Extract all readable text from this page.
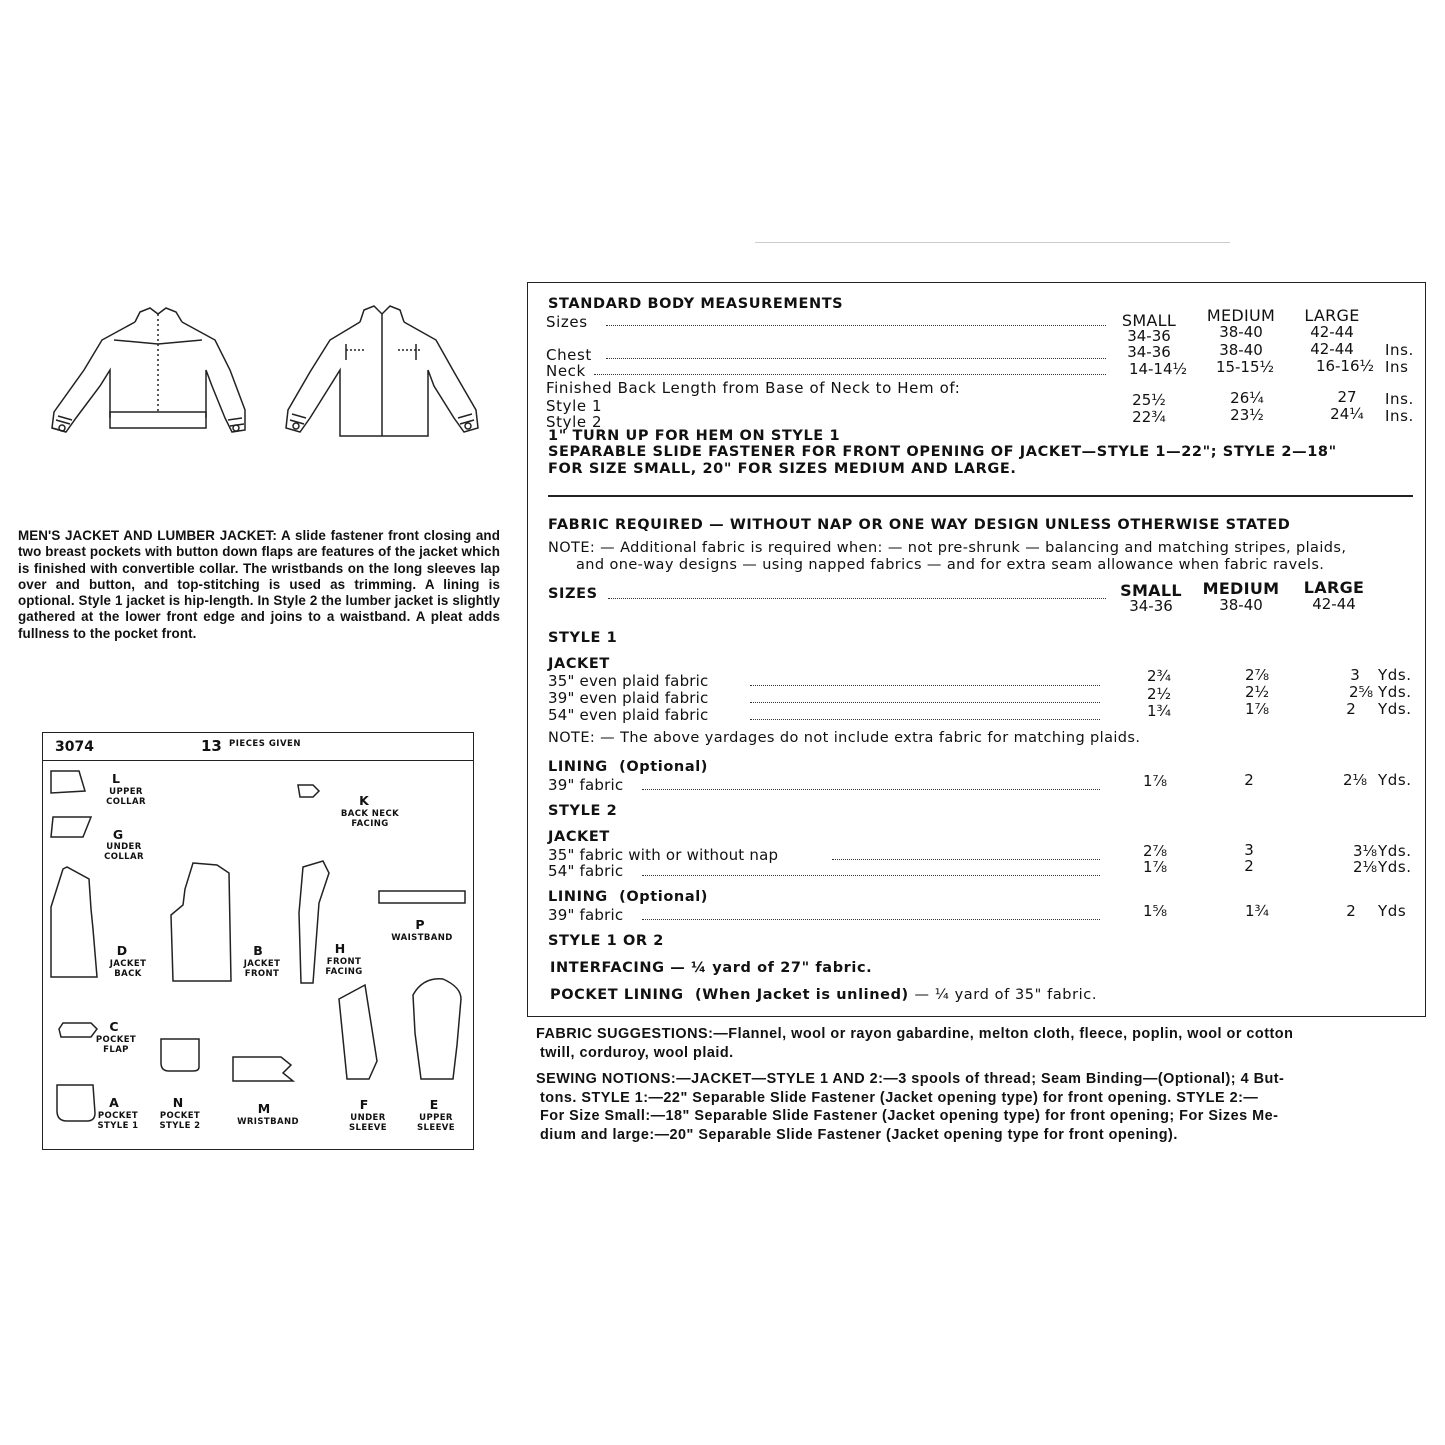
MEN'S JACKET AND LUMBER JACKET: A slide fastener front closing and two breast pockets with button down flaps are features of the jacket which is finished with convertible collar. The wristbands on the long sleeves lap over and button, and top-stitching is used as trimming. A lining is optional. Style 1 jacket is hip-length. In Style 2 the lumber jacket is slightly gathered at the lower front edge and joins to a waistband. A pleat adds fullness to the pocket front.
3074	13 PIECES GIVEN
L
UPPER
COLLAR	K
BACK NECK
FACING
G
UNDER
COLLAR
D
JACKET
BACK
B
JACKET
FRONT
H
FRONT
FACING
P
WAISTBAND
C
POCKET
FLAP
A
POCKET
STYLE 1
N
POCKET
STYLE 2
M
WRISTBAND
F
UNDER
SLEEVE
E
UPPER
SLEEVE
STANDARD BODY MEASUREMENTS
Sizes	SMALL	MEDIUM	LARGE
34-36	38-40	42-44
Chest	34-36	38-40	42-44	Ins.
Neck	14-14½	15-15½	16-16½ Ins
Finished Back Length from Base of Neck to Hem of:
Style 1	25½	26¼	27	Ins.
Style 2	22¾	23½	24¼	Ins.
1" TURN UP FOR HEM ON STYLE 1
SEPARABLE SLIDE FASTENER FOR FRONT OPENING OF JACKET—STYLE 1—22"; STYLE 2—18"
FOR SIZE SMALL, 20" FOR SIZES MEDIUM AND LARGE.
FABRIC REQUIRED — WITHOUT NAP OR ONE WAY DESIGN UNLESS OTHERWISE STATED
NOTE: — Additional fabric is required when: — not pre-shrunk — balancing and matching stripes, plaids,
and one-way designs — using napped fabrics — and for extra seam allowance when fabric ravels.
SIZES	SMALL	MEDIUM	LARGE
34-36	38-40	42-44
STYLE 1
JACKET
35" even plaid fabric	2¾	2⅞	3	Yds.
39" even plaid fabric	2½	2½	2⅝ Yds.
54" even plaid fabric	1¾	1⅞	2	Yds.
NOTE: — The above yardages do not include extra fabric for matching plaids.
LINING (Optional)
39" fabric	1⅞	2	2⅛ Yds.
STYLE 2
JACKET
35" fabric with or without nap	2⅞	3	3⅛ Yds.
54" fabric	1⅞	2	2⅛ Yds.
LINING (Optional)
39" fabric	1⅝	1¾	2	Yds
STYLE 1 OR 2
INTERFACING — ¼ yard of 27" fabric.
POCKET LINING (When Jacket is unlined) — ¼ yard of 35" fabric.
FABRIC SUGGESTIONS:—Flannel, wool or rayon gabardine, melton cloth, fleece, poplin, wool or cotton
twill, corduroy, wool plaid.
SEWING NOTIONS:—JACKET—STYLE 1 AND 2:—3 spools of thread; Seam Binding—(Optional); 4 But-
tons. STYLE 1:—22" Separable Slide Fastener (Jacket opening type) for front opening. STYLE 2:—
For Size Small:—18" Separable Slide Fastener (Jacket opening type) for front opening; For Sizes Me-
dium and large:—20" Separable Slide Fastener (Jacket opening type for front opening).
